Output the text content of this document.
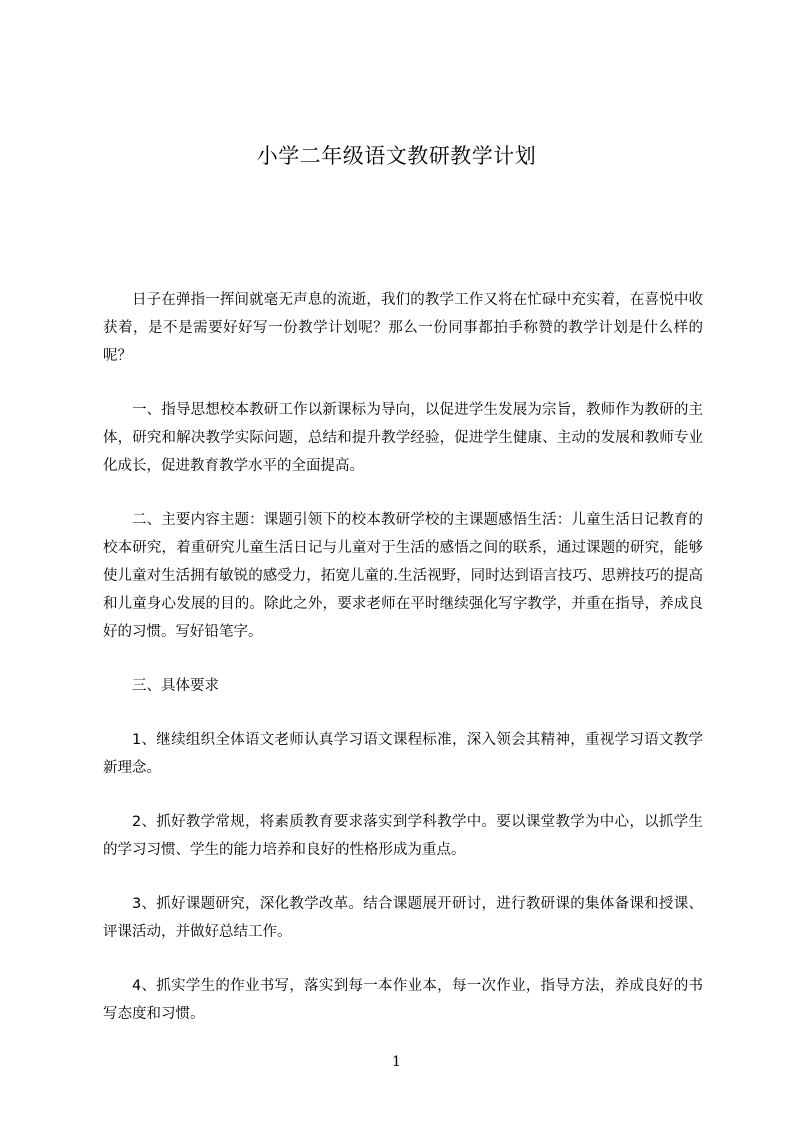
小学二年级语文教研教学计划

日子在弹指一挥间就毫无声息的流逝，我们的教学工作又将在忙碌中充实着，在喜悦中收获着，是不是需要好好写一份教学计划呢？那么一份同事都拍手称赞的教学计划是什么样的呢？

一、指导思想校本教研工作以新课标为导向，以促进学生发展为宗旨，教师作为教研的主体，研究和解决教学实际问题，总结和提升教学经验，促进学生健康、主动的发展和教师专业化成长，促进教育教学水平的全面提高。

二、主要内容主题：课题引领下的校本教研学校的主课题感悟生活：儿童生活日记教育的校本研究，着重研究儿童生活日记与儿童对于生活的感悟之间的联系，通过课题的研究，能够使儿童对生活拥有敏锐的感受力，拓宽儿童的.生活视野，同时达到语言技巧、思辨技巧的提高和儿童身心发展的目的。除此之外，要求老师在平时继续强化写字教学，并重在指导，养成良好的习惯。写好铅笔字。

三、具体要求

1、继续组织全体语文老师认真学习语文课程标准，深入领会其精神，重视学习语文教学新理念。

2、抓好教学常规，将素质教育要求落实到学科教学中。要以课堂教学为中心，以抓学生的学习习惯、学生的能力培养和良好的性格形成为重点。

3、抓好课题研究，深化教学改革。结合课题展开研讨，进行教研课的集体备课和授课、评课活动，并做好总结工作。

4、抓实学生的作业书写，落实到每一本作业本，每一次作业，指导方法，养成良好的书写态度和习惯。

1
